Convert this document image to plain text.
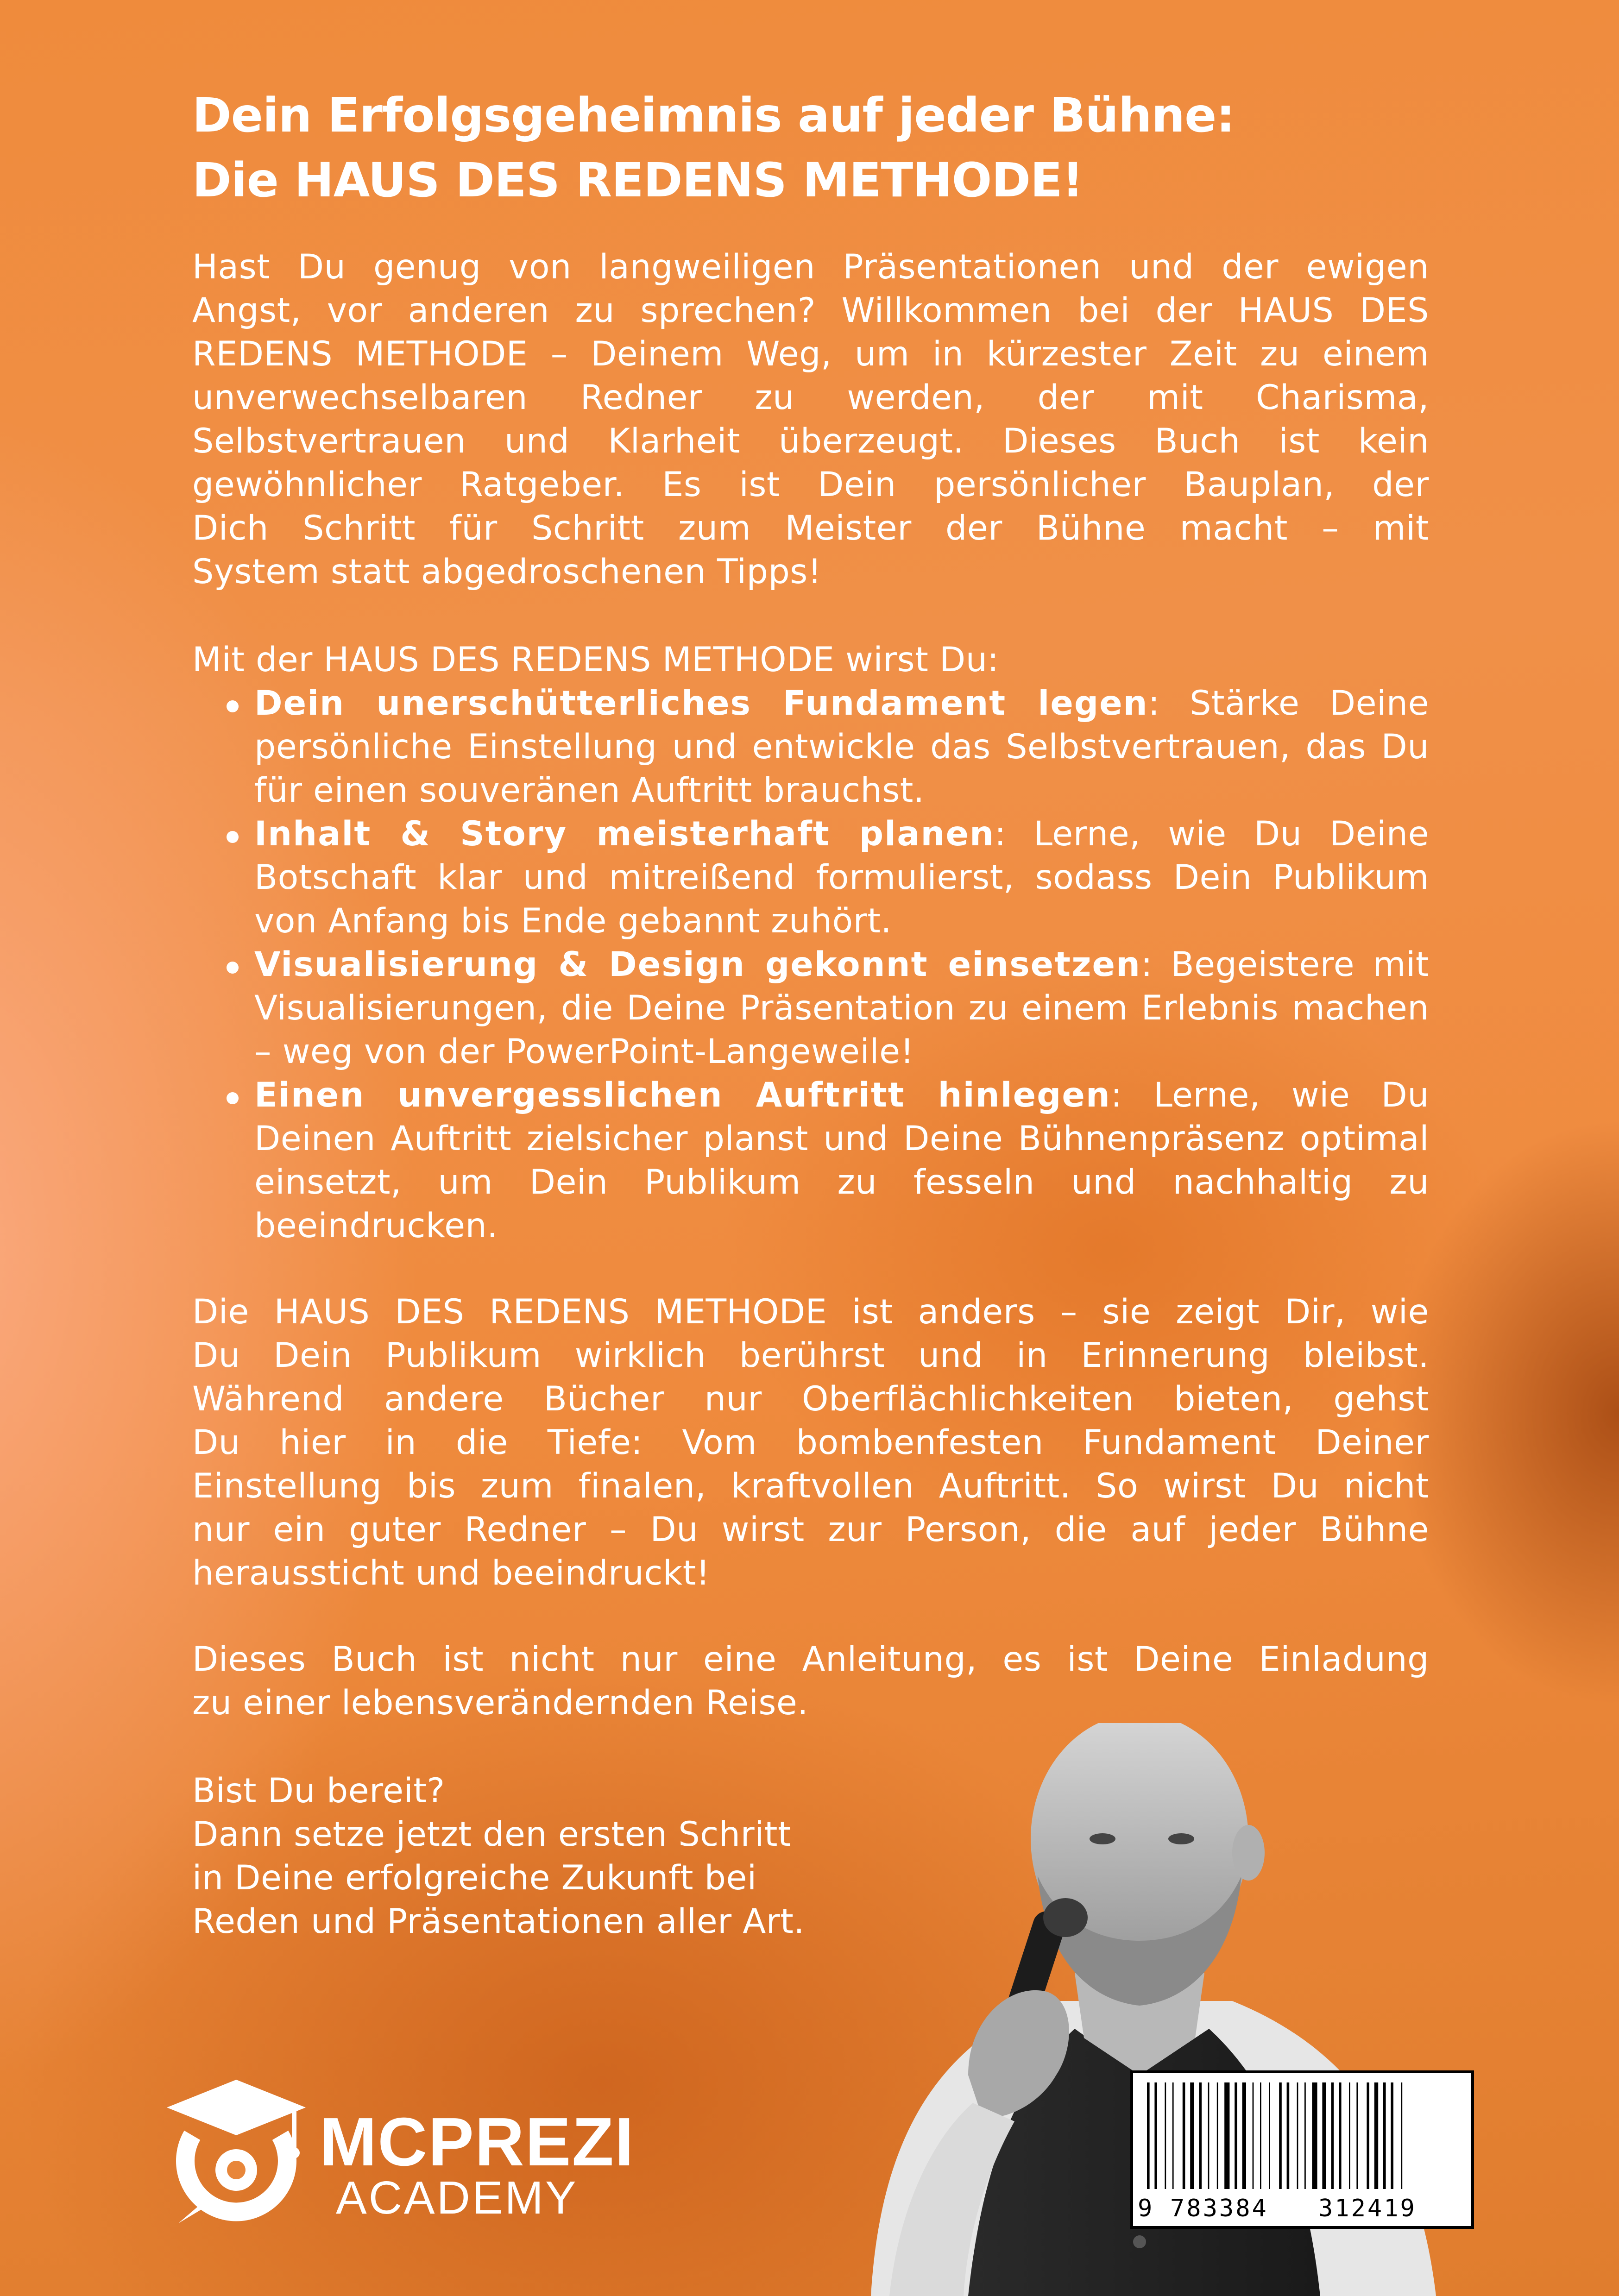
Dein Erfolgsgeheimnis auf jeder Bühne:
Die HAUS DES REDENS METHODE!
Hast Du genug von langweiligen Präsentationen und der ewigen
Angst, vor anderen zu sprechen? Willkommen bei der HAUS DES
REDENS METHODE – Deinem Weg, um in kürzester Zeit zu einem
unverwechselbaren Redner zu werden, der mit Charisma,
Selbstvertrauen und Klarheit überzeugt. Dieses Buch ist kein
gewöhnlicher Ratgeber. Es ist Dein persönlicher Bauplan, der
Dich Schritt für Schritt zum Meister der Bühne macht – mit
System statt abgedroschenen Tipps!

Mit der HAUS DES REDENS METHODE wirst Du:

Dein unerschütterliches Fundament legen: Stärke Deine persönliche Einstellung und entwickle das Selbstvertrauen, das Du für einen souveränen Auftritt brauchst.
Inhalt & Story meisterhaft planen: Lerne, wie Du Deine Botschaft klar und mitreißend formulierst, sodass Dein Publikum von Anfang bis Ende gebannt zuhört.
Visualisierung & Design gekonnt einsetzen: Begeistere mit Visualisierungen, die Deine Präsentation zu einem Erlebnis machen – weg von der PowerPoint-Langeweile!
Einen unvergesslichen Auftritt hinlegen: Lerne, wie Du Deinen Auftritt zielsicher planst und Deine Bühnenpräsenz optimal einsetzt, um Dein Publikum zu fesseln und nachhaltig zu beeindrucken.
Die HAUS DES REDENS METHODE ist anders – sie zeigt Dir, wie
Du Dein Publikum wirklich berührst und in Erinnerung bleibst.
Während andere Bücher nur Oberflächlichkeiten bieten, gehst
Du hier in die Tiefe: Vom bombenfesten Fundament Deiner
Einstellung bis zum finalen, kraftvollen Auftritt. So wirst Du nicht
nur ein guter Redner – Du wirst zur Person, die auf jeder Bühne
heraussticht und beeindruckt!
Dieses Buch ist nicht nur eine Anleitung, es ist Deine Einladung
zu einer lebensverändernden Reise.
Bist Du bereit?
Dann setze jetzt den ersten Schritt
in Deine erfolgreiche Zukunft bei
Reden und Präsentationen aller Art.
9 783384 312419

MCPREZI

ACADEMY
